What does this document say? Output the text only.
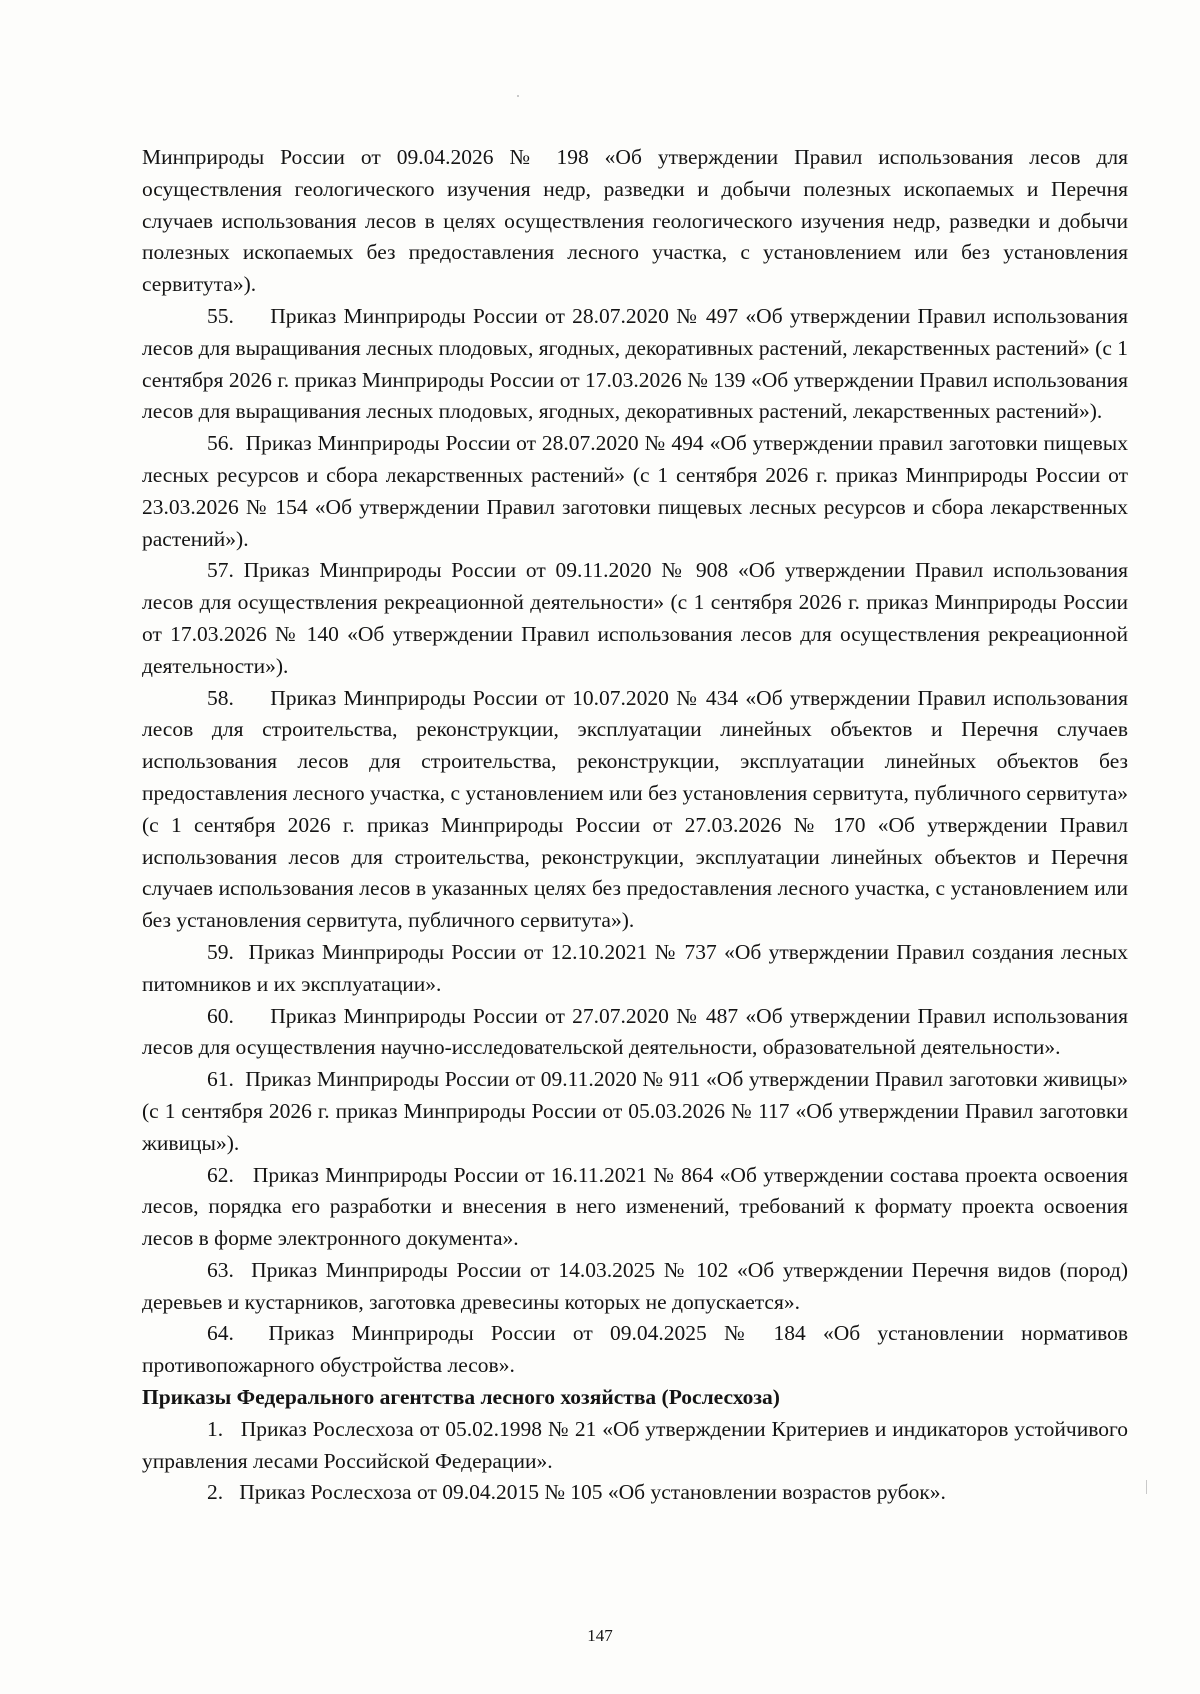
Минприроды России от 09.04.2026 № 198 «Об утверждении Правил использования лесов для осуществления геологического изучения недр, разведки и добычи полезных ископаемых и Перечня случаев использования лесов в целях осуществления геологического изучения недр, разведки и добычи полезных ископаемых без предоставления лесного участка, с установлением или без установления сервитута»).

55. Приказ Минприроды России от 28.07.2020 № 497 «Об утверждении Правил использования лесов для выращивания лесных плодовых, ягодных, декоративных растений, лекарственных растений» (с 1 сентября 2026 г. приказ Минприроды России от 17.03.2026 № 139 «Об утверждении Правил использования лесов для выращивания лесных плодовых, ягодных, декоративных растений, лекарственных растений»).

56. Приказ Минприроды России от 28.07.2020 № 494 «Об утверждении правил заготовки пищевых лесных ресурсов и сбора лекарственных растений» (с 1 сентября 2026 г. приказ Минприроды России от 23.03.2026 № 154 «Об утверждении Правил заготовки пищевых лесных ресурсов и сбора лекарственных растений»).

57. Приказ Минприроды России от 09.11.2020 № 908 «Об утверждении Правил использования лесов для осуществления рекреационной деятельности» (с 1 сентября 2026 г. приказ Минприроды России от 17.03.2026 № 140 «Об утверждении Правил использования лесов для осуществления рекреационной деятельности»).

58. Приказ Минприроды России от 10.07.2020 № 434 «Об утверждении Правил использования лесов для строительства, реконструкции, эксплуатации линейных объектов и Перечня случаев использования лесов для строительства, реконструкции, эксплуатации линейных объектов без предоставления лесного участка, с установлением или без установления сервитута, публичного сервитута» (с 1 сентября 2026 г. приказ Минприроды России от 27.03.2026 № 170 «Об утверждении Правил использования лесов для строительства, реконструкции, эксплуатации линейных объектов и Перечня случаев использования лесов в указанных целях без предоставления лесного участка, с установлением или без установления сервитута, публичного сервитута»).

59. Приказ Минприроды России от 12.10.2021 № 737 «Об утверждении Правил создания лесных питомников и их эксплуатации».

60. Приказ Минприроды России от 27.07.2020 № 487 «Об утверждении Правил использования лесов для осуществления научно-исследовательской деятельности, образовательной деятельности».

61. Приказ Минприроды России от 09.11.2020 № 911 «Об утверждении Правил заготовки живицы» (с 1 сентября 2026 г. приказ Минприроды России от 05.03.2026 № 117 «Об утверждении Правил заготовки живицы»).

62. Приказ Минприроды России от 16.11.2021 № 864 «Об утверждении состава проекта освоения лесов, порядка его разработки и внесения в него изменений, требований к формату проекта освоения лесов в форме электронного документа».

63. Приказ Минприроды России от 14.03.2025 № 102 «Об утверждении Перечня видов (пород) деревьев и кустарников, заготовка древесины которых не допускается».

64. Приказ Минприроды России от 09.04.2025 № 184 «Об установлении нормативов противопожарного обустройства лесов».

Приказы Федерального агентства лесного хозяйства (Рослесхоза)

1. Приказ Рослесхоза от 05.02.1998 № 21 «Об утверждении Критериев и индикаторов устойчивого управления лесами Российской Федерации».

2. Приказ Рослесхоза от 09.04.2015 № 105 «Об установлении возрастов рубок».

147
